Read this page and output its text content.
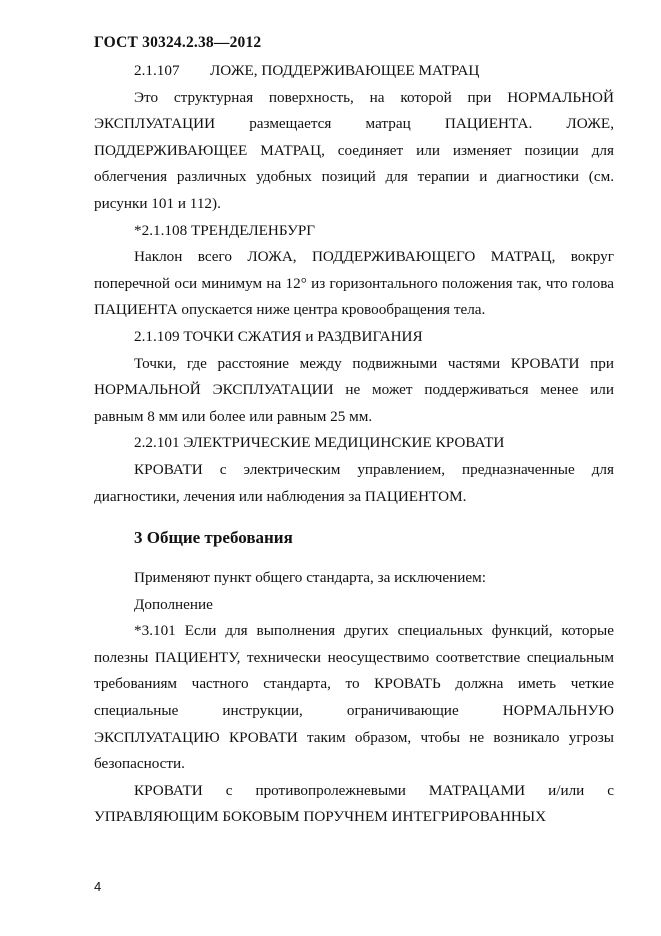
ГОСТ 30324.2.38—2012

2.1.107 ЛОЖЕ, ПОДДЕРЖИВАЮЩЕЕ МАТРАЦ

Это структурная поверхность, на которой при НОРМАЛЬНОЙ ЭКСПЛУАТАЦИИ размещается матрац ПАЦИЕНТА. ЛОЖЕ, ПОДДЕРЖИВАЮЩЕЕ МАТРАЦ, соединяет или изменяет позиции для облегчения различных удобных позиций для терапии и диагностики (см. рисунки 101 и 112).

*2.1.108 ТРЕНДЕЛЕНБУРГ

Наклон всего ЛОЖА, ПОДДЕРЖИВАЮЩЕГО МАТРАЦ, вокруг поперечной оси минимум на 12° из горизонтального положения так, что голова ПАЦИЕНТА опускается ниже центра кровообращения тела.

2.1.109 ТОЧКИ СЖАТИЯ и РАЗДВИГАНИЯ

Точки, где расстояние между подвижными частями КРОВАТИ при НОРМАЛЬНОЙ ЭКСПЛУАТАЦИИ не может поддерживаться менее или равным 8 мм или более или равным 25 мм.

2.2.101 ЭЛЕКТРИЧЕСКИЕ МЕДИЦИНСКИЕ КРОВАТИ

КРОВАТИ с электрическим управлением, предназначенные для диагностики, лечения или наблюдения за ПАЦИЕНТОМ.

3 Общие требования

Применяют пункт общего стандарта, за исключением:

Дополнение

*3.101 Если для выполнения других специальных функций, которые полезны ПАЦИЕНТУ, технически неосуществимо соответствие специальным требованиям частного стандарта, то КРОВАТЬ должна иметь четкие специальные инструкции, ограничивающие НОРМАЛЬНУЮ ЭКСПЛУАТАЦИЮ КРОВАТИ таким образом, чтобы не возникало угрозы безопасности.

КРОВАТИ с противопролежневыми МАТРАЦАМИ и/или с УПРАВЛЯЮЩИМ БОКОВЫМ ПОРУЧНЕМ ИНТЕГРИРОВАННЫХ

4
